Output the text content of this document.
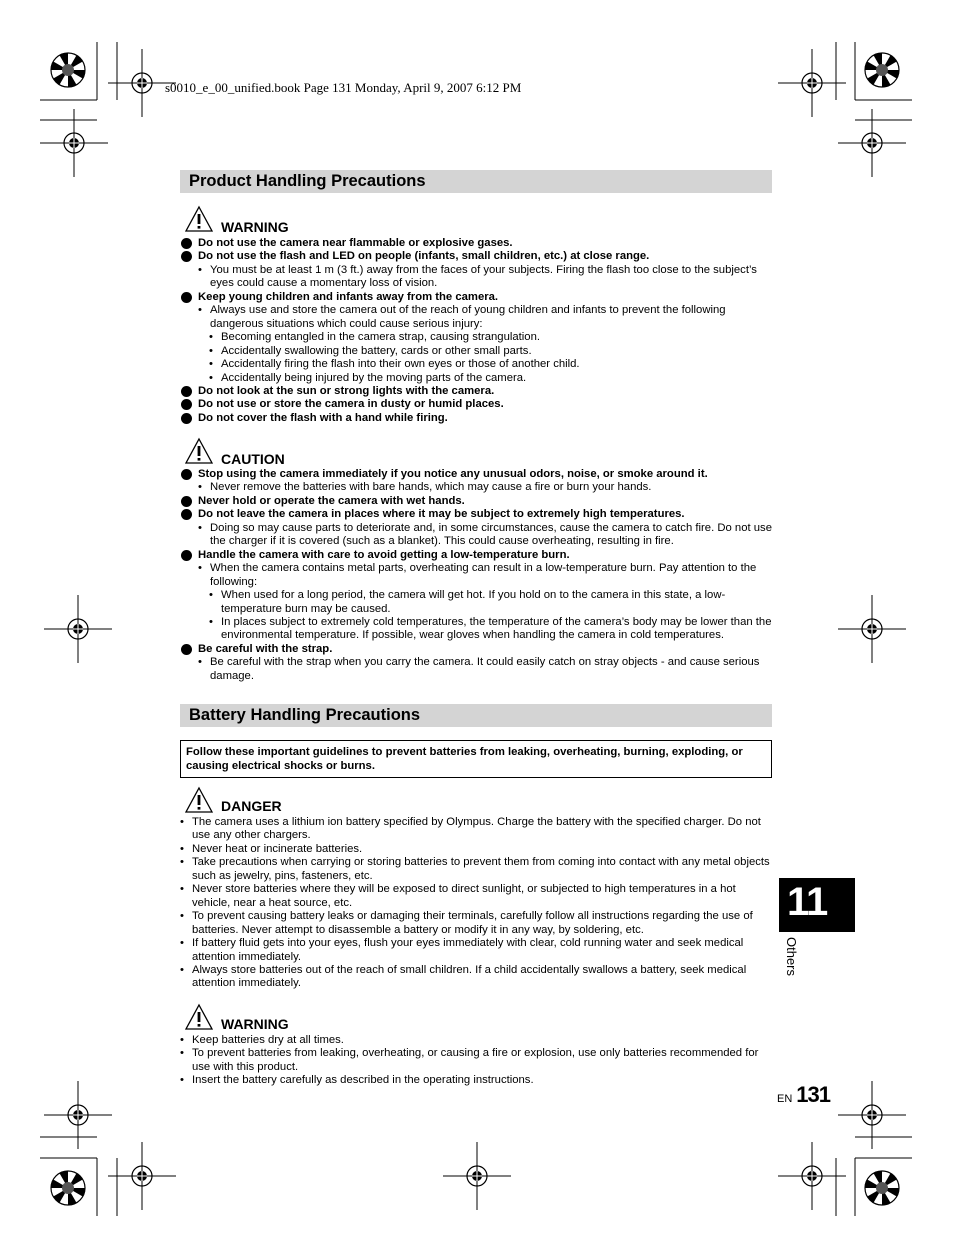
s0010_e_00_unified.book Page 131 Monday, April 9, 2007 6:12 PM
Product Handling Precautions
WARNING
Do not use the camera near flammable or explosive gases.
Do not use the flash and LED on people (infants, small children, etc.) at close range.
• You must be at least 1 m (3 ft.) away from the faces of your subjects. Firing the flash too close to the subject’s eyes could cause a momentary loss of vision.
Keep young children and infants away from the camera.
• Always use and store the camera out of the reach of young children and infants to prevent the following dangerous situations which could cause serious injury:
• Becoming entangled in the camera strap, causing strangulation.
• Accidentally swallowing the battery, cards or other small parts.
• Accidentally firing the flash into their own eyes or those of another child.
• Accidentally being injured by the moving parts of the camera.
Do not look at the sun or strong lights with the camera.
Do not use or store the camera in dusty or humid places.
Do not cover the flash with a hand while firing.
CAUTION
Stop using the camera immediately if you notice any unusual odors, noise, or smoke around it.
• Never remove the batteries with bare hands, which may cause a fire or burn your hands.
Never hold or operate the camera with wet hands.
Do not leave the camera in places where it may be subject to extremely high temperatures.
• Doing so may cause parts to deteriorate and, in some circumstances, cause the camera to catch fire. Do not use the charger if it is covered (such as a blanket). This could cause overheating, resulting in fire.
Handle the camera with care to avoid getting a low-temperature burn.
• When the camera contains metal parts, overheating can result in a low-temperature burn. Pay attention to the following:
• When used for a long period, the camera will get hot. If you hold on to the camera in this state, a low-temperature burn may be caused.
• In places subject to extremely cold temperatures, the temperature of the camera’s body may be lower than the environmental temperature. If possible, wear gloves when handling the camera in cold temperatures.
Be careful with the strap.
• Be careful with the strap when you carry the camera. It could easily catch on stray objects - and cause serious damage.
Battery Handling Precautions
Follow these important guidelines to prevent batteries from leaking, overheating, burning, exploding, or causing electrical shocks or burns.
DANGER
• The camera uses a lithium ion battery specified by Olympus. Charge the battery with the specified charger. Do not use any other chargers.
• Never heat or incinerate batteries.
• Take precautions when carrying or storing batteries to prevent them from coming into contact with any metal objects such as jewelry, pins, fasteners, etc.
• Never store batteries where they will be exposed to direct sunlight, or subjected to high temperatures in a hot vehicle, near a heat source, etc.
• To prevent causing battery leaks or damaging their terminals, carefully follow all instructions regarding the use of batteries. Never attempt to disassemble a battery or modify it in any way, by soldering, etc.
• If battery fluid gets into your eyes, flush your eyes immediately with clear, cold running water and seek medical attention immediately.
• Always store batteries out of the reach of small children. If a child accidentally swallows a battery, seek medical attention immediately.
WARNING
• Keep batteries dry at all times.
• To prevent batteries from leaking, overheating, or causing a fire or explosion, use only batteries recommended for use with this product.
• Insert the battery carefully as described in the operating instructions.
11
Others
EN 131
